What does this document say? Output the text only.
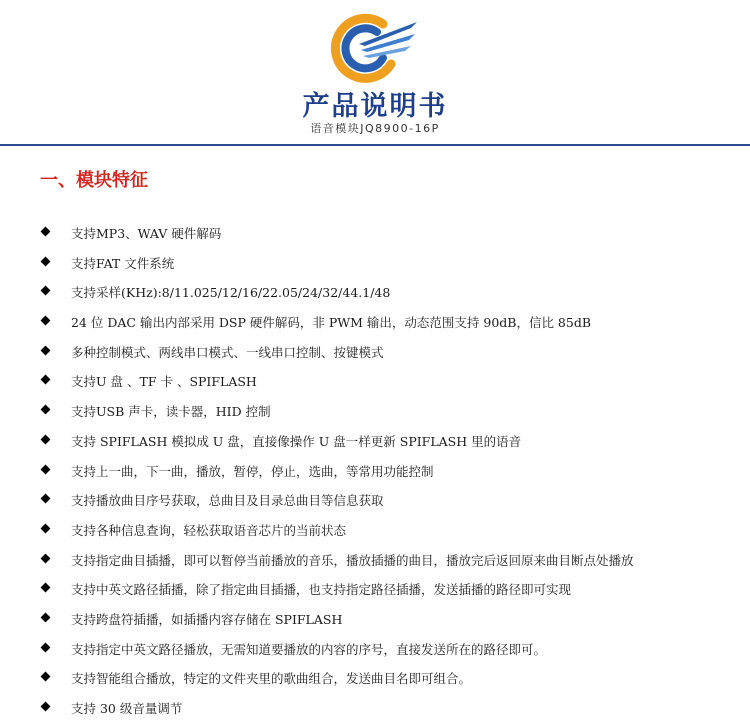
产品说明书
语音模块JQ8900-16P
一、模块特征
支持MP3、WAV 硬件解码
支持FAT 文件系统
支持采样(KHz):8/11.025/12/16/22.05/24/32/44.1/48
24 位 DAC 输出内部采用 DSP 硬件解码，非 PWM 输出，动态范围支持 90dB，信比 85dB
多种控制模式、两线串口模式、一线串口控制、按键模式
支持U 盘 、TF 卡 、SPIFLASH
支持USB 声卡，读卡器，HID 控制
支持 SPIFLASH 模拟成 U 盘，直接像操作 U 盘一样更新 SPIFLASH 里的语音
支持上一曲，下一曲，播放，暂停，停止，选曲，等常用功能控制
支持播放曲目序号获取，总曲目及目录总曲目等信息获取
支持各种信息查询，轻松获取语音芯片的当前状态
支持指定曲目插播，即可以暂停当前播放的音乐，播放插播的曲目，播放完后返回原来曲目断点处播放
支持中英文路径插播，除了指定曲目插播，也支持指定路径插播，发送插播的路径即可实现
支持跨盘符插播，如插播内容存储在 SPIFLASH
支持指定中英文路径播放，无需知道要播放的内容的序号，直接发送所在的路径即可。
支持智能组合播放，特定的文件夹里的歌曲组合，发送曲目名即可组合。
支持 30 级音量调节
